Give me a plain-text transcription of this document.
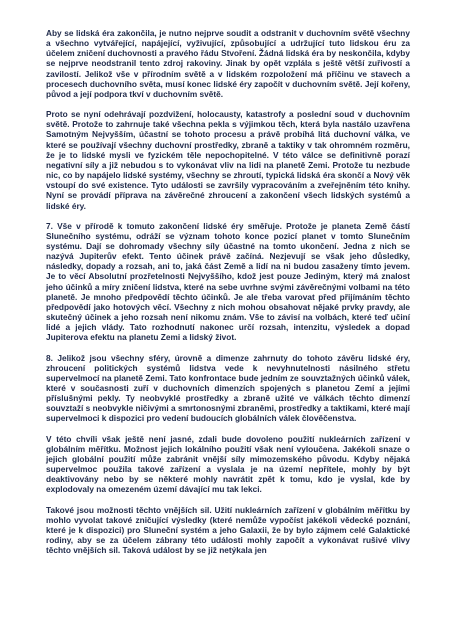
Aby se lidská éra zakončila, je nutno nejprve soudit a odstranit v duchovním světě všechny a všechno vytvářející, napájející, vyživující, způsobující a udržující tuto lidskou éru za účelem zničení duchovnosti a pravého řádu Stvoření. Žádná lidská éra by neskončila, kdyby se nejprve neodstranil tento zdroj rakoviny. Jinak by opět vzplála s ještě větší zuřivostí a zavilostí. Jelikož vše v přírodním světě a v lidském rozpoložení má příčinu ve stavech a procesech duchovního světa, musí konec lidské éry započít v duchovním světě. Její kořeny, původ a její podpora tkví v duchovním světě.

Proto se nyní odehrávají pozdvižení, holocausty, katastrofy a poslední soud v duchovním světě. Protože to zahrnuje také všechna pekla s výjimkou těch, která byla nastálo uzavřena Samotným Nejvyšším, účastní se tohoto procesu a právě probíhá litá duchovní válka, ve které se používají všechny duchovní prostředky, zbraně a taktiky v tak ohromném rozměru, že je to lidské mysli ve fyzickém těle nepochopitelné. V této válce se definitivně porazí negativní síly a již nebudou s to vykonávat vliv na lidi na planetě Zemi. Protože tu nezbude nic, co by napájelo lidské systémy, všechny se zhroutí, typická lidská éra skončí a Nový věk vstoupí do své existence. Tyto události se završily vypracováním a zveřejněním této knihy. Nyní se provádí příprava na závěrečné zhroucení a zakončení všech lidských systémů a lidské éry.

7. Vše v přírodě k tomuto zakončení lidské éry směřuje. Protože je planeta Země částí Slunečního systému, odráží se význam tohoto konce pozicí planet v tomto Slunečním systému. Dají se dohromady všechny síly účastné na tomto ukončení. Jedna z nich se nazývá Jupiterův efekt. Tento účinek právě začíná. Nezjevují se však jeho důsledky, následky, dopady a rozsah, ani to, jaká část Země a lidí na ni budou zasaženy tímto jevem. Je to věcí Absolutní prozřetelnosti Nejvyššího, kdož jest pouze Jediným, který má znalost jeho účinků a míry zničení lidstva, které na sebe uvrhne svými závěrečnými volbami na této planetě. Je mnoho předpovědí těchto účinků. Je ale třeba varovat před přijímáním těchto předpovědí jako hotových věcí. Všechny z nich mohou obsahovat nějaké prvky pravdy, ale skutečný účinek a jeho rozsah není nikomu znám. Vše to závisí na volbách, které teď učiní lidé a jejich vlády. Tato rozhodnutí nakonec určí rozsah, intenzitu, výsledek a dopad Jupiterova efektu na planetu Zemi a lidský život.

8. Jelikož jsou všechny sféry, úrovně a dimenze zahrnuty do tohoto závěru lidské éry, zhroucení politických systémů lidstva vede k nevyhnutelnosti násilného střetu supervelmocí na planetě Zemi. Tato konfrontace bude jedním ze souvztažných účinků válek, které v současnosti zuří v duchovních dimenzích spojených s planetou Zemí a jejími příslušnými pekly. Ty neobvyklé prostředky a zbraně užité ve válkách těchto dimenzí souvztaží s neobvykle ničivými a smrtonosnými zbraněmi, prostředky a taktikami, které mají supervelmoci k dispozici pro vedení budoucích globálních válek člověčenstva.

V této chvíli však ještě není jasné, zdali bude dovoleno použití nukleárních zařízení v globálním měřítku. Možnost jejich lokálního použití však není vyloučena. Jakékoli snaze o jejich globální použití může zabránit vnější síly mimozemského původu. Kdyby nějaká supervelmoc použila takové zařízení a vyslala je na území nepřítele, mohly by být deaktivovány nebo by se některé mohly navrátit zpět k tomu, kdo je vyslal, kde by explodovaly na omezeném území dávající mu tak lekci.

Takové jsou možnosti těchto vnějších sil. Užití nukleárních zařízení v globálním měřítku by mohlo vyvolat takové zničující výsledky (které nemůže vypočíst jakékoli vědecké poznání, které je k dispozici) pro Sluneční systém a jeho Galaxii, že by bylo zájmem celé Galaktické rodiny, aby se za účelem zábrany této události mohly započít a vykonávat rušivé vlivy těchto vnějších sil. Taková událost by se již netýkala jen
